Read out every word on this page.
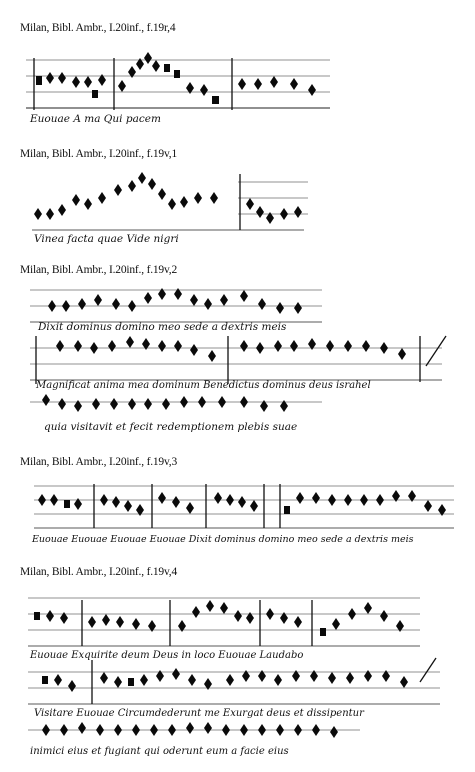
Milan, Bibl. Ambr., I.20inf., f.19r,4
Euouae A ma Qui pacem
Milan, Bibl. Ambr., I.20inf., f.19v,1
Vinea facta quae Vide nigri
Milan, Bibl. Ambr., I.20inf., f.19v,2
Dixit dominus domino meo sede a dextris meis
Magnificat anima mea dominum Benedictus dominus deus israhel
quia visitavit et fecit redemptionem plebis suae
Milan, Bibl. Ambr., I.20inf., f.19v,3
Euouae Euouae Euouae Euouae Dixit dominus domino meo sede a dextris meis
Milan, Bibl. Ambr., I.20inf., f.19v,4
Euouae Exquirite deum Deus in loco Euouae Laudabo
Visitare Euouae Circumdederunt me Exurgat deus et dissipentur
inimici eius et fugiant qui oderunt eum a facie eius
